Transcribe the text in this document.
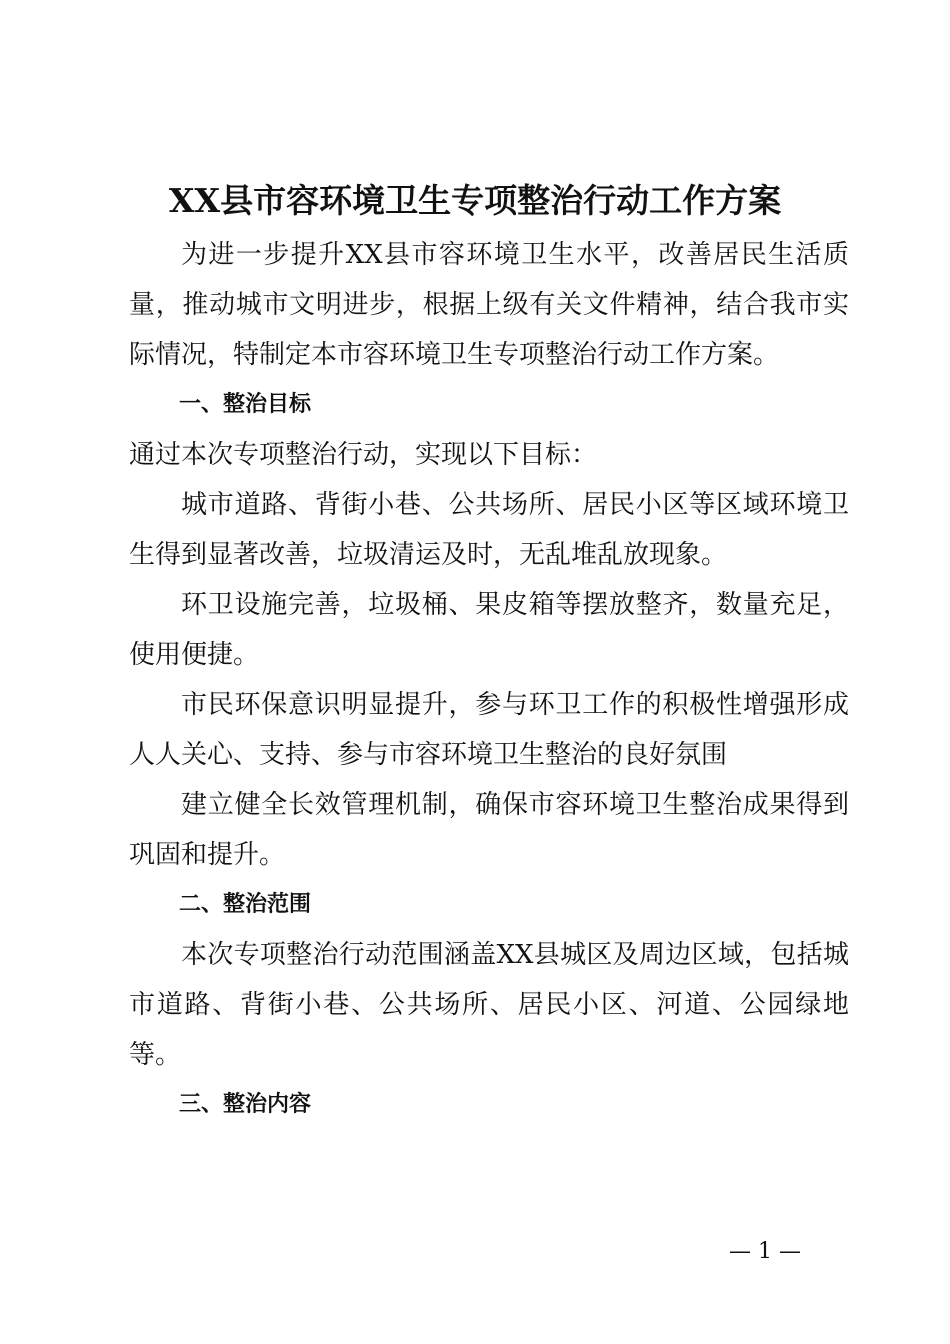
XX县市容环境卫生专项整治行动工作方案

为进一步提升XX县市容环境卫生水平，改善居民生活质量，推动城市文明进步，根据上级有关文件精神，结合我市实际情况，特制定本市容环境卫生专项整治行动工作方案。

一、整治目标

通过本次专项整治行动，实现以下目标：

城市道路、背街小巷、公共场所、居民小区等区域环境卫生得到显著改善，垃圾清运及时，无乱堆乱放现象。

环卫设施完善，垃圾桶、果皮箱等摆放整齐，数量充足，使用便捷。

市民环保意识明显提升，参与环卫工作的积极性增强形成人人关心、支持、参与市容环境卫生整治的良好氛围

建立健全长效管理机制，确保市容环境卫生整治成果得到巩固和提升。

二、整治范围

本次专项整治行动范围涵盖XX县城区及周边区域，包括城市道路、背街小巷、公共场所、居民小区、河道、公园绿地等。

三、整治内容

— 1 —
